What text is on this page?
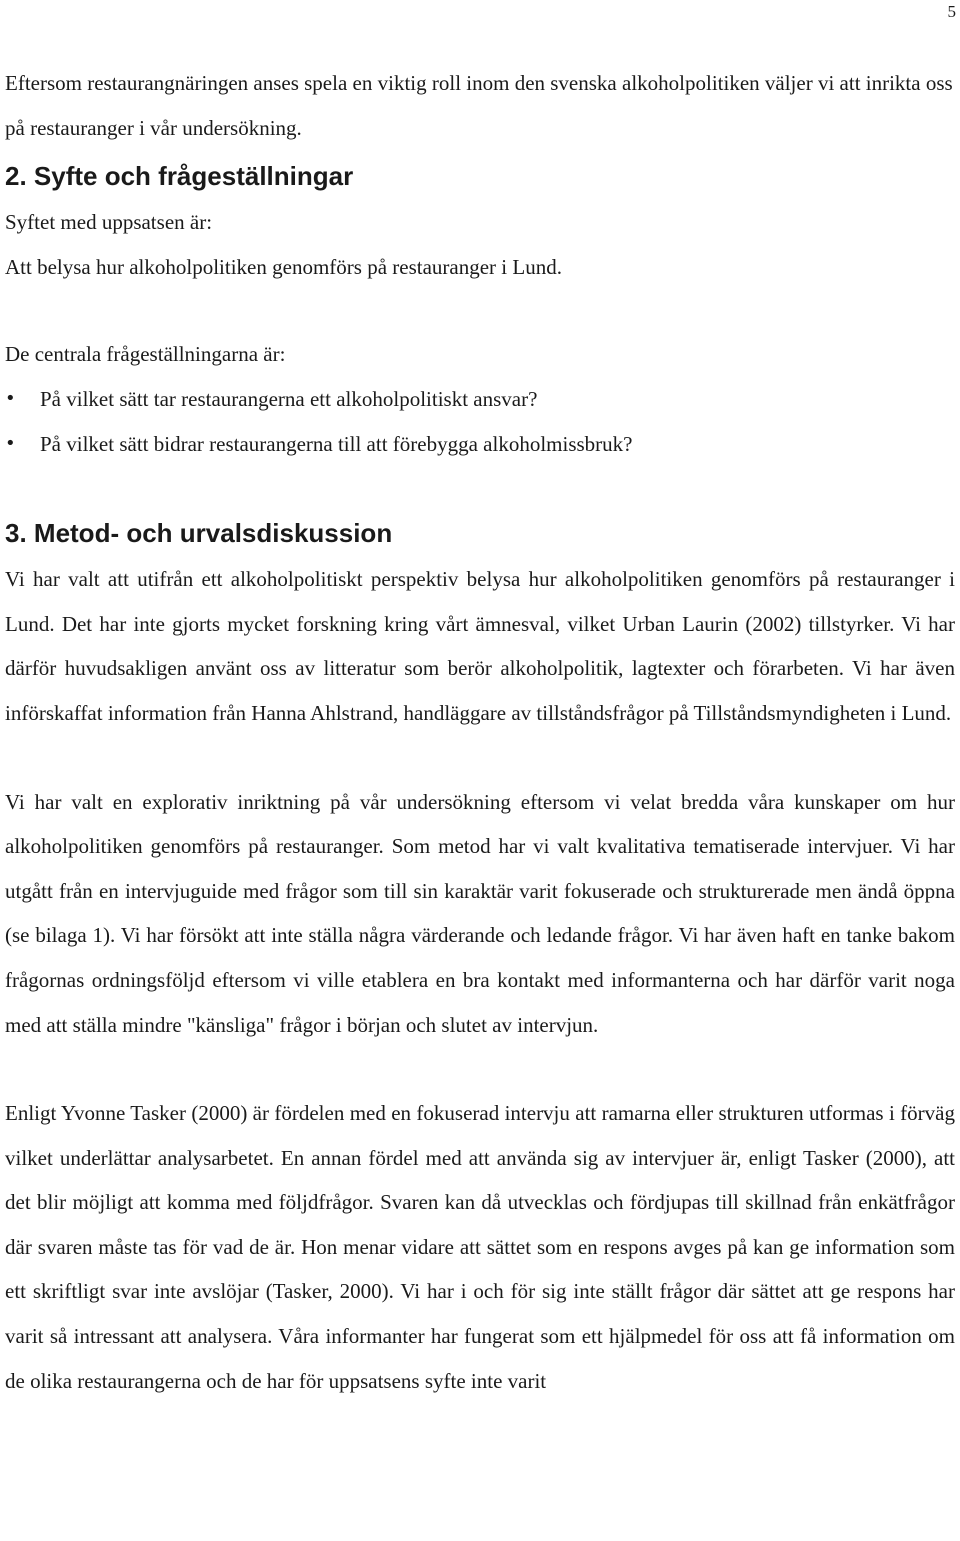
5

Eftersom restaurangnäringen anses spela en viktig roll inom den svenska alkoholpolitiken väljer vi att inrikta oss på restauranger i vår undersökning.

2. Syfte och frågeställningar

Syftet med uppsatsen är:

Att belysa hur alkoholpolitiken genomförs på restauranger i Lund.

De centrala frågeställningarna är:

• På vilket sätt tar restaurangerna ett alkoholpolitiskt ansvar?
• På vilket sätt bidrar restaurangerna till att förebygga alkoholmissbruk?
3. Metod- och urvalsdiskussion

Vi har valt att utifrån ett alkoholpolitiskt perspektiv belysa hur alkoholpolitiken genomförs på restauranger i Lund. Det har inte gjorts mycket forskning kring vårt ämnesval, vilket Urban Laurin (2002) tillstyrker. Vi har därför huvudsakligen använt oss av litteratur som berör alkoholpolitik, lagtexter och förarbeten. Vi har även införskaffat information från Hanna Ahlstrand, handläggare av tillståndsfrågor på Tillståndsmyndigheten i Lund.

Vi har valt en explorativ inriktning på vår undersökning eftersom vi velat bredda våra kunskaper om hur alkoholpolitiken genomförs på restauranger. Som metod har vi valt kvalitativa tematiserade intervjuer. Vi har utgått från en intervjuguide med frågor som till sin karaktär varit fokuserade och strukturerade men ändå öppna (se bilaga 1). Vi har försökt att inte ställa några värderande och ledande frågor. Vi har även haft en tanke bakom frågornas ordningsföljd eftersom vi ville etablera en bra kontakt med informanterna och har därför varit noga med att ställa mindre "känsliga" frågor i början och slutet av intervjun.

Enligt Yvonne Tasker (2000) är fördelen med en fokuserad intervju att ramarna eller strukturen utformas i förväg vilket underlättar analysarbetet. En annan fördel med att använda sig av intervjuer är, enligt Tasker (2000), att det blir möjligt att komma med följdfrågor. Svaren kan då utvecklas och fördjupas till skillnad från enkätfrågor där svaren måste tas för vad de är. Hon menar vidare att sättet som en respons avges på kan ge information som ett skriftligt svar inte avslöjar (Tasker, 2000). Vi har i och för sig inte ställt frågor där sättet att ge respons har varit så intressant att analysera. Våra informanter har fungerat som ett hjälpmedel för oss att få information om de olika restaurangerna och de har för uppsatsens syfte inte varit
